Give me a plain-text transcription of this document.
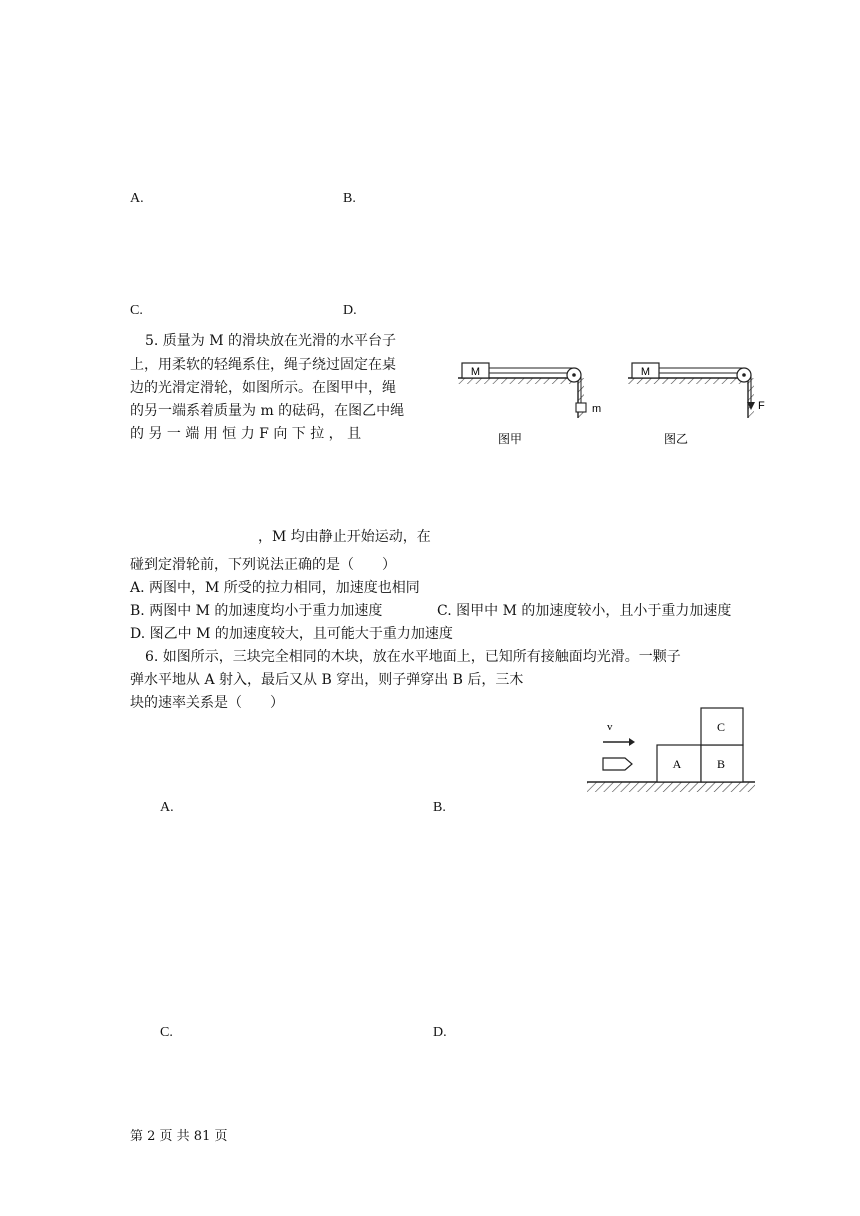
A.	B.
C.	D.
5. 质量为 M 的滑块放在光滑的水平台子
上，用柔软的轻绳系住，绳子绕过固定在桌
边的光滑定滑轮，如图所示。在图甲中，绳
的另一端系着质量为 m 的砝码，在图乙中绳
的 另 一 端 用 恒 力 F 向 下 拉 ， 且
，M 均由静止开始运动，在
碰到定滑轮前，下列说法正确的是（　　）
A. 两图中，M 所受的拉力相同，加速度也相同
B. 两图中 M 的加速度均小于重力加速度	C. 图甲中 M 的加速度较小，且小于重力加速度
D. 图乙中 M 的加速度较大，且可能大于重力加速度
M
m
图甲
M
F
图乙
6. 如图所示，三块完全相同的木块，放在水平地面上，已知所有接触面均光滑。一颗子
弹水平地从 A 射入，最后又从 B 穿出，则子弹穿出 B 后，三木
块的速率关系是（　　）
v
A	B
C
A.	B.
C.	D.
第 2 页 共 81 页
